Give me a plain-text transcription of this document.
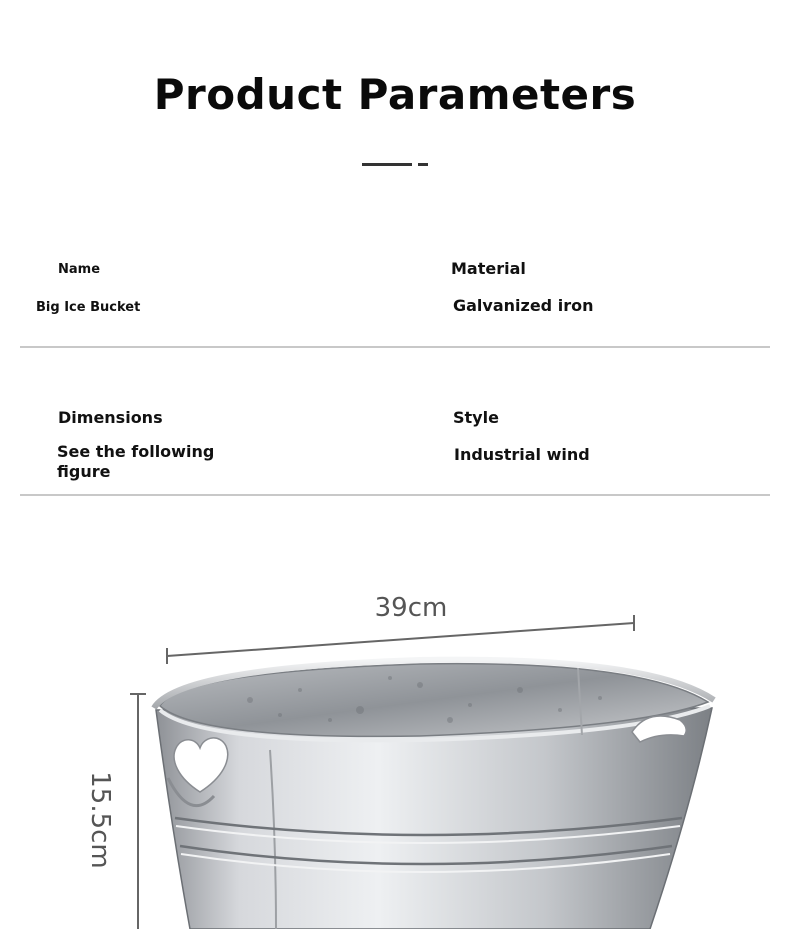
Product Parameters
Name
Big Ice Bucket
Material
Galvanized iron
Dimensions
See the following figure
Style
Industrial wind
39cm
15.5cm
